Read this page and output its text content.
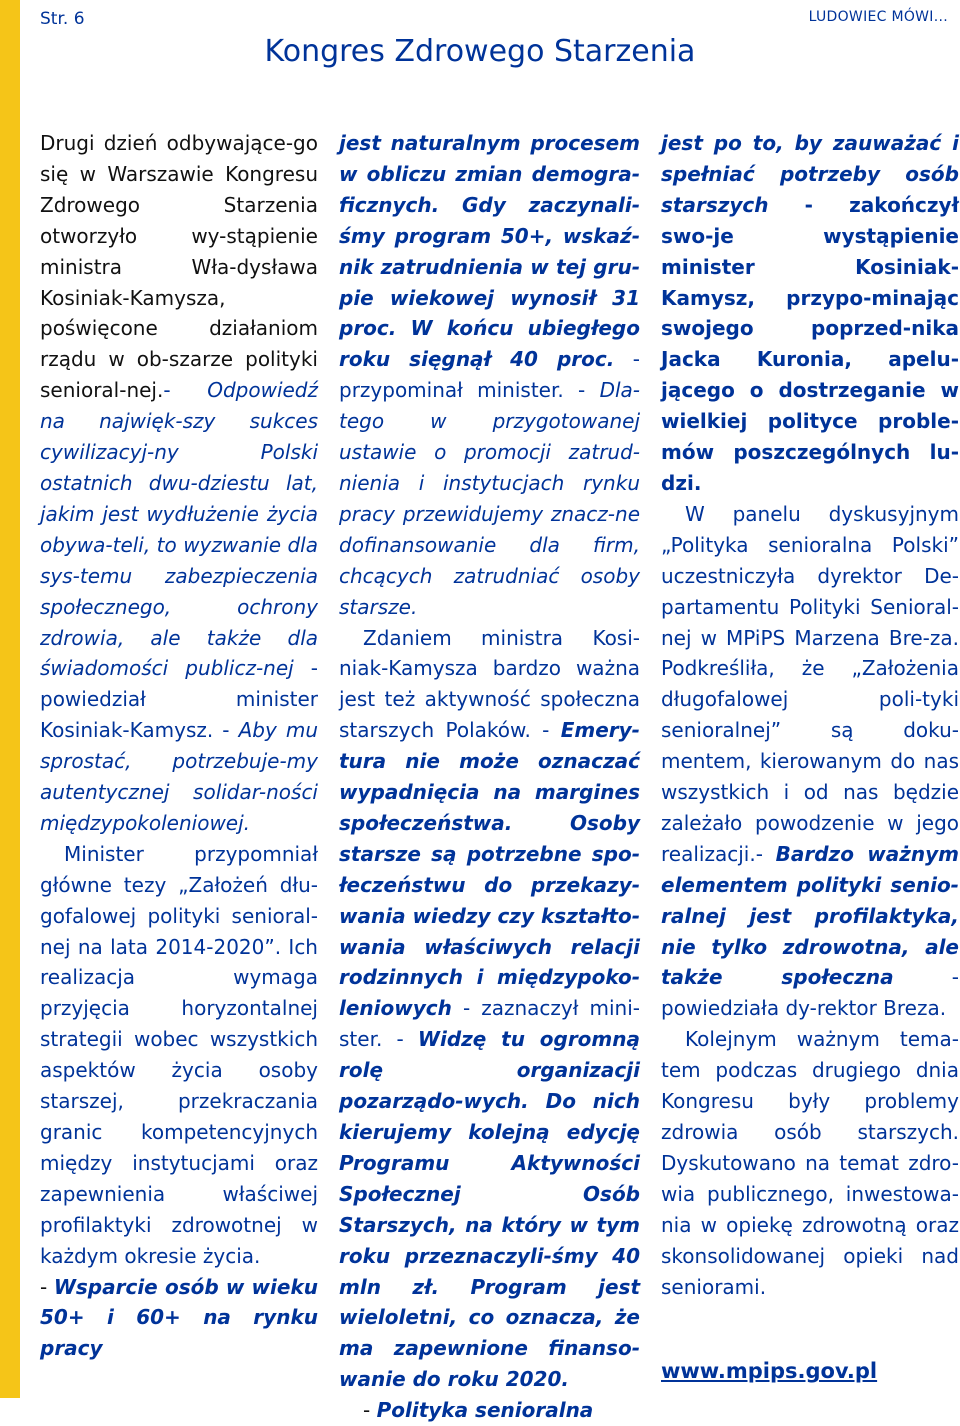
Str. 6	LUDOWIEC MÓWI...
Kongres Zdrowego Starzenia

Drugi dzień odbywające-go się w Warszawie Kongresu Zdrowego Starzenia otworzyło wy-stąpienie ministra Wła-dysława Kosiniak-Kamysza, poświęcone działaniom rządu w ob-szarze polityki senioral-nej.- Odpowiedź na najwięk-szy sukces cywilizacyj-ny Polski ostatnich dwu-dziestu lat, jakim jest wydłużenie życia obywa-teli, to wyzwanie dla sys-temu zabezpieczenia społecznego, ochrony zdrowia, ale także dla świadomości publicz-nej - powiedział minister Kosiniak-Kamysz. - Aby mu sprostać, potrzebuje-my autentycznej solidar-ności międzypokoleniowej.

Minister przypomniał główne tezy „Założeń dłu-gofalowej polityki senioral-nej na lata 2014-2020”. Ich realizacja wymaga przyjęcia horyzontalnej strategii wobec wszystkich aspektów życia osoby starszej, przekraczania granic kompetencyjnych między instytucjami oraz zapewnienia właściwej profilaktyki zdrowotnej w każdym okresie życia.

- Wsparcie osób w wieku 50+ i 60+ na rynku pracy

jest naturalnym procesem w obliczu zmian demogra-ficznych. Gdy zaczynali-śmy program 50+, wskaź-nik zatrudnienia w tej gru-pie wiekowej wynosił 31 proc. W końcu ubiegłego roku sięgnął 40 proc. - przypominał minister. - Dla-tego w przygotowanej ustawie o promocji zatrud-nienia i instytucjach rynku pracy przewidujemy znacz-ne dofinansowanie dla firm, chcących zatrudniać osoby starsze.

Zdaniem ministra Kosi-niak-Kamysza bardzo ważna jest też aktywność społeczna starszych Polaków. - Emery-tura nie może oznaczać wypadnięcia na margines społeczeństwa. Osoby starsze są potrzebne spo-łeczeństwu do przekazy-wania wiedzy czy kształto-wania właściwych relacji rodzinnych i międzypoko-leniowych - zaznaczył mini-ster. - Widzę tu ogromną rolę organizacji pozarządo-wych. Do nich kierujemy kolejną edycję Programu Aktywności Społecznej Osób Starszych, na który w tym roku przeznaczyli-śmy 40 mln zł. Program jest wieloletni, co oznacza, że ma zapewnione finanso-wanie do roku 2020.

- Polityka senioralna

jest po to, by zauważać i spełniać potrzeby osób starszych - zakończył swo-je wystąpienie minister Kosiniak-Kamysz, przypo-minając swojego poprzed-nika Jacka Kuronia, apelu-jącego o dostrzeganie w wielkiej polityce proble-mów poszczególnych lu-dzi.

W panelu dyskusyjnym „Polityka senioralna Polski” uczestniczyła dyrektor De-partamentu Polityki Senioral-nej w MPiPS Marzena Bre-za. Podkreśliła, że „Założenia długofalowej poli-tyki senioralnej” są doku-mentem, kierowanym do nas wszystkich i od nas będzie zależało powodzenie w jego realizacji.- Bardzo ważnym elementem polityki senio-ralnej jest profilaktyka, nie tylko zdrowotna, ale także społeczna - powiedziała dy-rektor Breza.

Kolejnym ważnym tema-tem podczas drugiego dnia Kongresu były problemy zdrowia osób starszych. Dyskutowano na temat zdro-wia publicznego, inwestowa-nia w opiekę zdrowotną oraz skonsolidowanej opieki nad seniorami.

www.mpips.gov.pl
